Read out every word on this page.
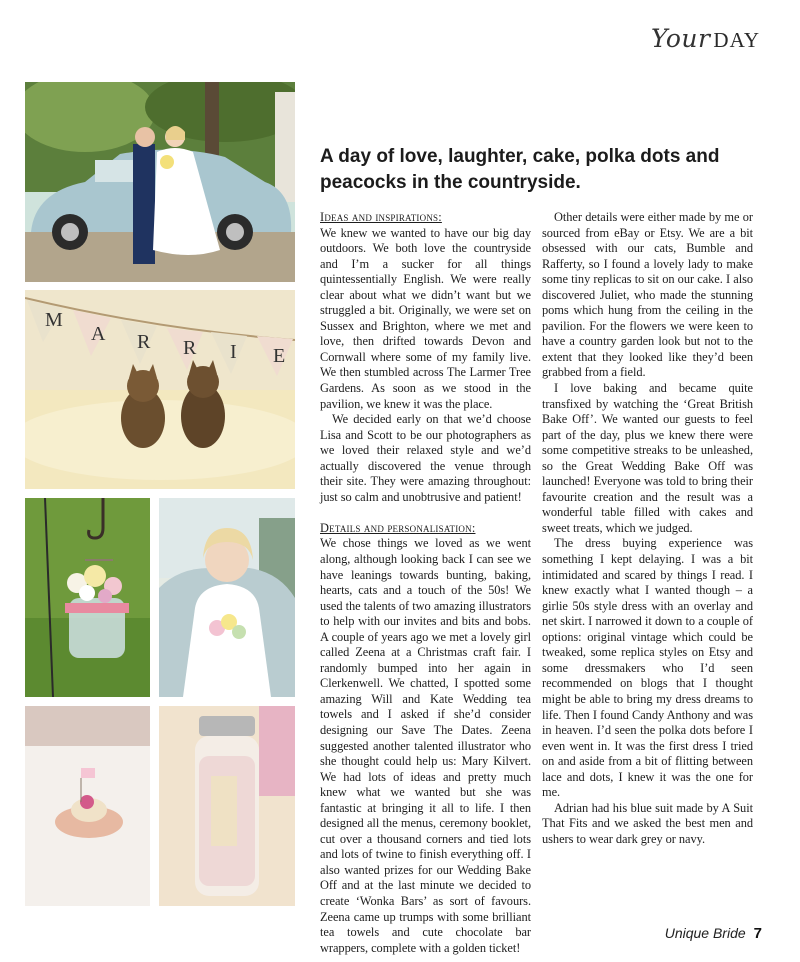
Your DAY
M
A R R I E
A day of love, laughter, cake, polka dots and peacocks in the countryside.
Ideas and inspirations:

We knew we wanted to have our big day outdoors. We both love the countryside and I’m a sucker for all things quintessentially English. We were really clear about what we didn’t want but we struggled a bit. Originally, we were set on Sussex and Brighton, where we met and love, then drifted towards Devon and Cornwall where some of my family live. We then stumbled across The Larmer Tree Gardens. As soon as we stood in the pavilion, we knew it was the place.

We decided early on that we’d choose Lisa and Scott to be our photographers as we loved their relaxed style and we’d actually discovered the venue through their site. They were amazing throughout: just so calm and unobtrusive and patient!

Details and personalisation:

We chose things we loved as we went along, although looking back I can see we have leanings towards bunting, baking, hearts, cats and a touch of the 50s! We used the talents of two amazing illustrators to help with our invites and bits and bobs. A couple of years ago we met a lovely girl called Zeena at a Christmas craft fair. I randomly bumped into her again in Clerkenwell. We chatted, I spotted some amazing Will and Kate Wedding tea towels and I asked if she’d consider designing our Save The Dates. Zeena suggested another talented illustrator who she thought could help us: Mary Kilvert. We had lots of ideas and pretty much knew what we wanted but she was fantastic at bringing it all to life. I then designed all the menus, ceremony booklet, cut over a thousand corners and tied lots and lots of twine to finish everything off. I also wanted prizes for our Wedding Bake Off and at the last minute we decided to create ‘Wonka Bars’ as sort of favours. Zeena came up trumps with some brilliant tea towels and cute chocolate bar wrappers, complete with a golden ticket!

Other details were either made by me or sourced from eBay or Etsy. We are a bit obsessed with our cats, Bumble and Rafferty, so I found a lovely lady to make some tiny replicas to sit on our cake. I also discovered Juliet, who made the stunning poms which hung from the ceiling in the pavilion. For the flowers we were keen to have a country garden look but not to the extent that they looked like they’d been grabbed from a field.

I love baking and became quite transfixed by watching the ‘Great British Bake Off’. We wanted our guests to feel part of the day, plus we knew there were some competitive streaks to be unleashed, so the Great Wedding Bake Off was launched! Everyone was told to bring their favourite creation and the result was a wonderful table filled with cakes and sweet treats, which we judged.

The dress buying experience was something I kept delaying. I was a bit intimidated and scared by things I read. I knew exactly what I wanted though – a girlie 50s style dress with an overlay and net skirt. I narrowed it down to a couple of options: original vintage which could be tweaked, some replica styles on Etsy and some dressmakers who I’d seen recommended on blogs that I thought might be able to bring my dress dreams to life. Then I found Candy Anthony and was in heaven. I’d seen the polka dots before I even went in. It was the first dress I tried on and aside from a bit of flitting between lace and dots, I knew it was the one for me.

Adrian had his blue suit made by A Suit That Fits and we asked the best men and ushers to wear dark grey or navy.

Unique Bride 7
